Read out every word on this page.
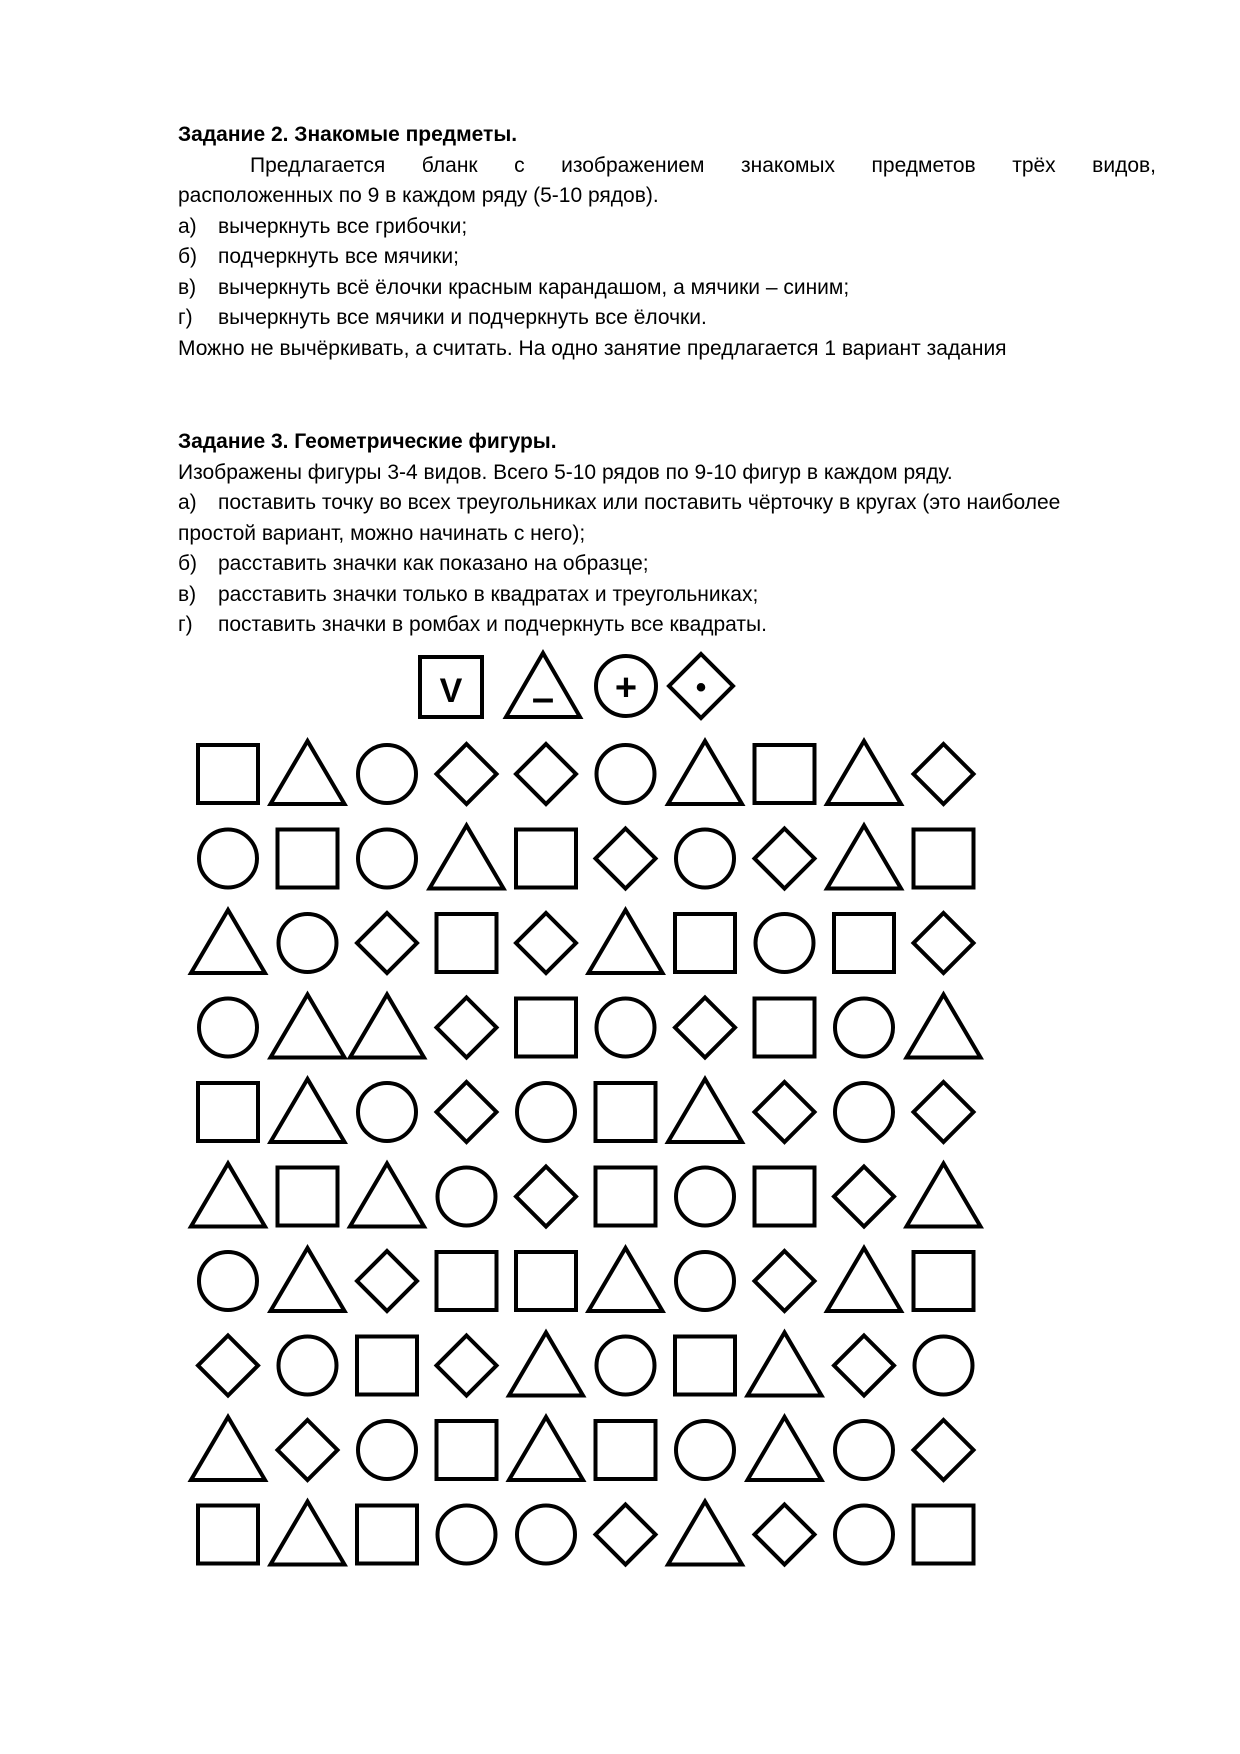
Задание 2. Знакомые предметы.

Предлагается бланк с изображением знакомых предметов трёх видов,

расположенных по 9 в каждом ряду (5-10 рядов).

а) вычеркнуть все грибочки;
б) подчеркнуть все мячики;
в) вычеркнуть всё ёлочки красным карандашом, а мячики – синим;
г) вычеркнуть все мячики и подчеркнуть все ёлочки.

Можно не вычёркивать, а считать. На одно занятие предлагается 1 вариант задания

Задание 3. Геометрические фигуры.

Изображены фигуры 3-4 видов. Всего 5-10 рядов по 9-10 фигур в каждом ряду.

а) поставить точку во всех треугольниках или поставить чёрточку в кругах (это наиболее

простой вариант, можно начинать с него);

б) расставить значки как показано на образце;
в) расставить значки только в квадратах и треугольниках;
г) поставить значки в ромбах и подчеркнуть все квадраты.
V – + •
